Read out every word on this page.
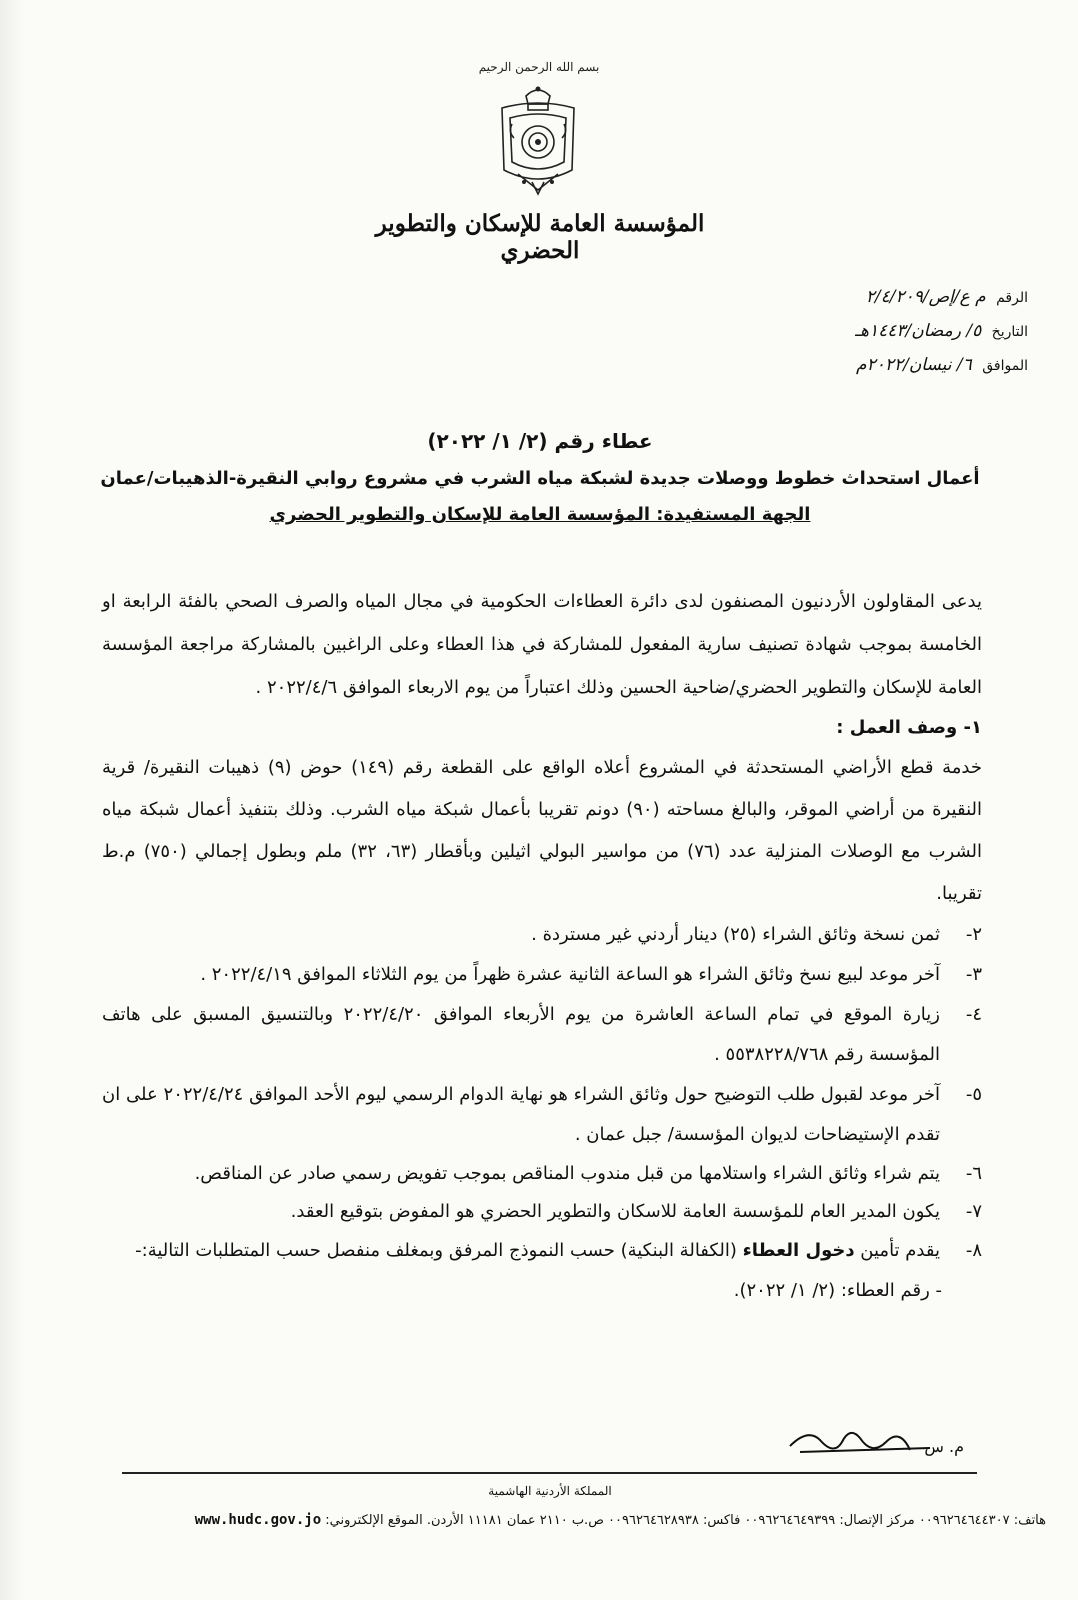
بسم الله الرحمن الرحيم
المؤسسة العامة للإسكان والتطوير الحضري
الرقم م ع/إص/٢/٤/٢٠٩
التاريخ ٥/ رمضان/١٤٤٣هـ
الموافق ٦/ نيسان/٢٠٢٢م
عطاء رقم (٢/ ١/ ٢٠٢٢)
أعمال استحداث خطوط ووصلات جديدة لشبكة مياه الشرب في مشروع روابي النقيرة-الذهيبات/عمان
الجهة المستفيدة: المؤسسة العامة للإسكان والتطوير الحضري

يدعى المقاولون الأردنيون المصنفون لدى دائرة العطاءات الحكومية في مجال المياه والصرف الصحي بالفئة الرابعة او الخامسة بموجب شهادة تصنيف سارية المفعول للمشاركة في هذا العطاء وعلى الراغبين بالمشاركة مراجعة المؤسسة العامة للإسكان والتطوير الحضري/ضاحية الحسين وذلك اعتباراً من يوم الاربعاء الموافق ٢٠٢٢/٤/٦ .

١- وصف العمل :

خدمة قطع الأراضي المستحدثة في المشروع أعلاه الواقع على القطعة رقم (١٤٩) حوض (٩) ذهيبات النقيرة/ قرية النقيرة من أراضي الموقر، والبالغ مساحته (٩٠) دونم تقريبا بأعمال شبكة مياه الشرب. وذلك بتنفيذ أعمال شبكة مياه الشرب مع الوصلات المنزلية عدد (٧٦) من مواسير البولي اثيلين وبأقطار (٦٣، ٣٢) ملم وبطول إجمالي (٧٥٠) م.ط تقريبا.

٢-
ثمن نسخة وثائق الشراء (٢٥) دينار أردني غير مستردة .
٣-
آخر موعد لبيع نسخ وثائق الشراء هو الساعة الثانية عشرة ظهراً من يوم الثلاثاء الموافق ٢٠٢٢/٤/١٩ .
٤-
زيارة الموقع في تمام الساعة العاشرة من يوم الأربعاء الموافق ٢٠٢٢/٤/٢٠ وبالتنسيق المسبق على هاتف المؤسسة رقم ٥٥٣٨٢٢٨/٧٦٨ .
٥-
آخر موعد لقبول طلب التوضيح حول وثائق الشراء هو نهاية الدوام الرسمي ليوم الأحد الموافق ٢٠٢٢/٤/٢٤ على ان تقدم الإستيضاحات لديوان المؤسسة/ جبل عمان .
٦-
يتم شراء وثائق الشراء واستلامها من قبل مندوب المناقص بموجب تفويض رسمي صادر عن المناقص.
٧-
يكون المدير العام للمؤسسة العامة للاسكان والتطوير الحضري هو المفوض بتوقيع العقد.
٨-
يقدم تأمين دخول العطاء (الكفالة البنكية) حسب النموذج المرفق وبمغلف منفصل حسب المتطلبات التالية:-
- رقم العطاء: (٢/ ١/ ٢٠٢٢).
م. س
المملكة الأردنية الهاشمية
هاتف: ٠٠٩٦٢٦٤٦٤٤٣٠٧ مركز الإتصال: ٠٠٩٦٢٦٤٦٤٩٣٩٩ فاكس: ٠٠٩٦٢٦٤٦٢٨٩٣٨ ص.ب ٢١١٠ عمان ١١١٨١ الأردن. الموقع الإلكتروني: www.hudc.gov.jo
